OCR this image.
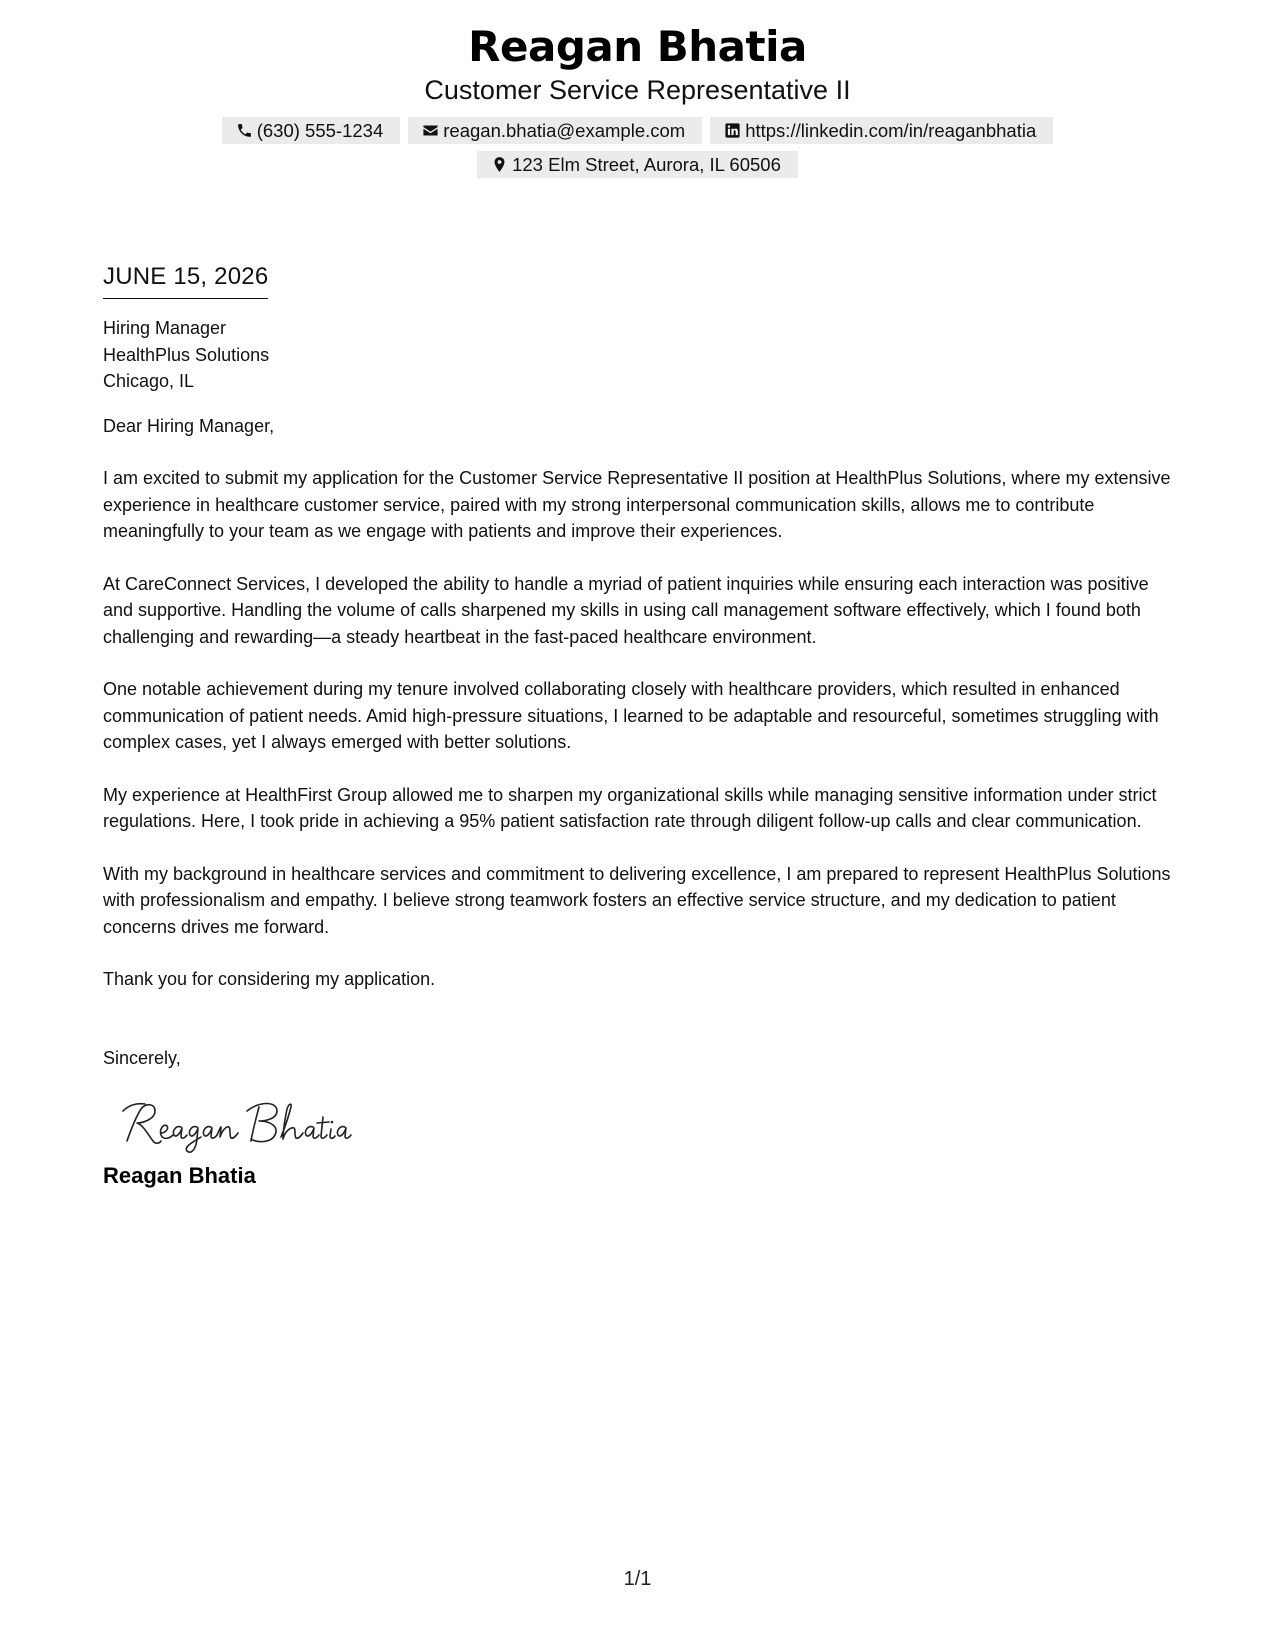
Reagan Bhatia
Customer Service Representative II
(630) 555-1234	reagan.bhatia@example.com	https://linkedin.com/in/reaganbhatia
123 Elm Street, Aurora, IL 60506
JUNE 15, 2026
Hiring Manager
HealthPlus Solutions
Chicago, IL
Dear Hiring Manager,
I am excited to submit my application for the Customer Service Representative II position at HealthPlus Solutions, where my extensive experience in healthcare customer service, paired with my strong interpersonal communication skills, allows me to contribute meaningfully to your team as we engage with patients and improve their experiences.
At CareConnect Services, I developed the ability to handle a myriad of patient inquiries while ensuring each interaction was positive and supportive. Handling the volume of calls sharpened my skills in using call management software effectively, which I found both challenging and rewarding—a steady heartbeat in the fast-paced healthcare environment.
One notable achievement during my tenure involved collaborating closely with healthcare providers, which resulted in enhanced communication of patient needs. Amid high-pressure situations, I learned to be adaptable and resourceful, sometimes struggling with complex cases, yet I always emerged with better solutions.
My experience at HealthFirst Group allowed me to sharpen my organizational skills while managing sensitive information under strict regulations. Here, I took pride in achieving a 95% patient satisfaction rate through diligent follow-up calls and clear communication.
With my background in healthcare services and commitment to delivering excellence, I am prepared to represent HealthPlus Solutions with professionalism and empathy. I believe strong teamwork fosters an effective service structure, and my dedication to patient concerns drives me forward.
Thank you for considering my application.
Sincerely,
Reagan Bhatia
1/1
